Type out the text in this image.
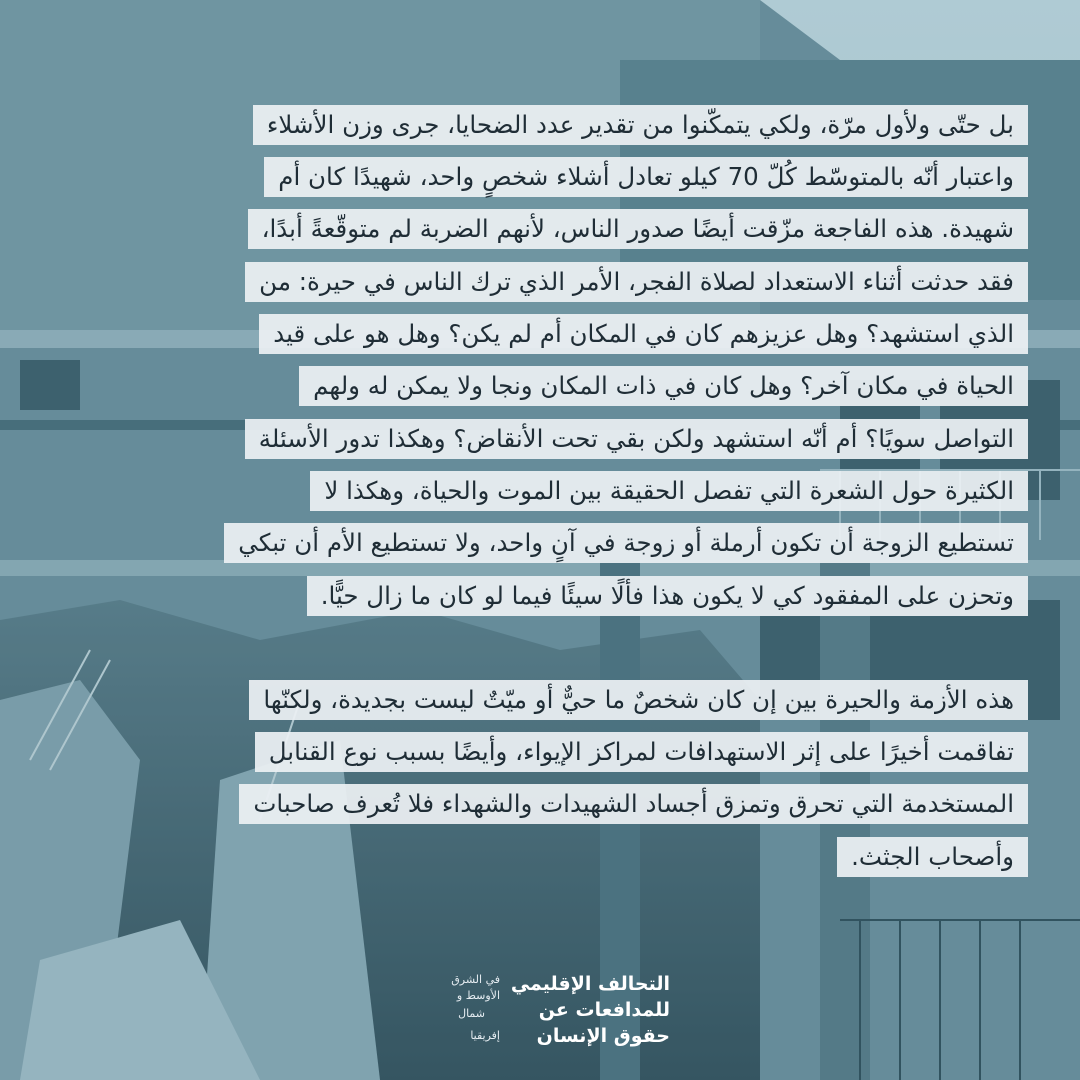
بل حتّى ولأول مرّة، ولكي يتمكّنوا من تقدير عدد الضحايا، جرى وزن الأشلاء
واعتبار أنّه بالمتوسّط كُلّ 70 كيلو تعادل أشلاء شخصٍ واحد، شهيدًا كان أم
شهيدة. هذه الفاجعة مزّقت أيضًا صدور الناس، لأنهم الضربة لم متوقّعةً أبدًا،
فقد حدثت أثناء الاستعداد لصلاة الفجر، الأمر الذي ترك الناس في حيرة: من
الذي استشهد؟ وهل عزيزهم كان في المكان أم لم يكن؟ وهل هو على قيد
الحياة في مكان آخر؟ وهل كان في ذات المكان ونجا ولا يمكن له ولهم
التواصل سويًا؟ أم أنّه استشهد ولكن بقي تحت الأنقاض؟ وهكذا تدور الأسئلة
الكثيرة حول الشعرة التي تفصل الحقيقة بين الموت والحياة، وهكذا لا
تستطيع الزوجة أن تكون أرملة أو زوجة في آنٍ واحد، ولا تستطيع الأم أن تبكي
وتحزن على المفقود كي لا يكون هذا فألًا سيئًا فيما لو كان ما زال حيًّا.
هذه الأزمة والحيرة بين إن كان شخصٌ ما حيٌّ أو ميّتٌ ليست بجديدة، ولكنّها
تفاقمت أخيرًا على إثر الاستهدافات لمراكز الإيواء، وأيضًا بسبب نوع القنابل
المستخدمة التي تحرق وتمزق أجساد الشهيدات والشهداء فلا تُعرف صاحبات
وأصحاب الجثث.
التحالف الإقليمي
للمدافعات عن
حقوق الإنسان
في الشرق
الأوسط و
شمال
إفريقيا
